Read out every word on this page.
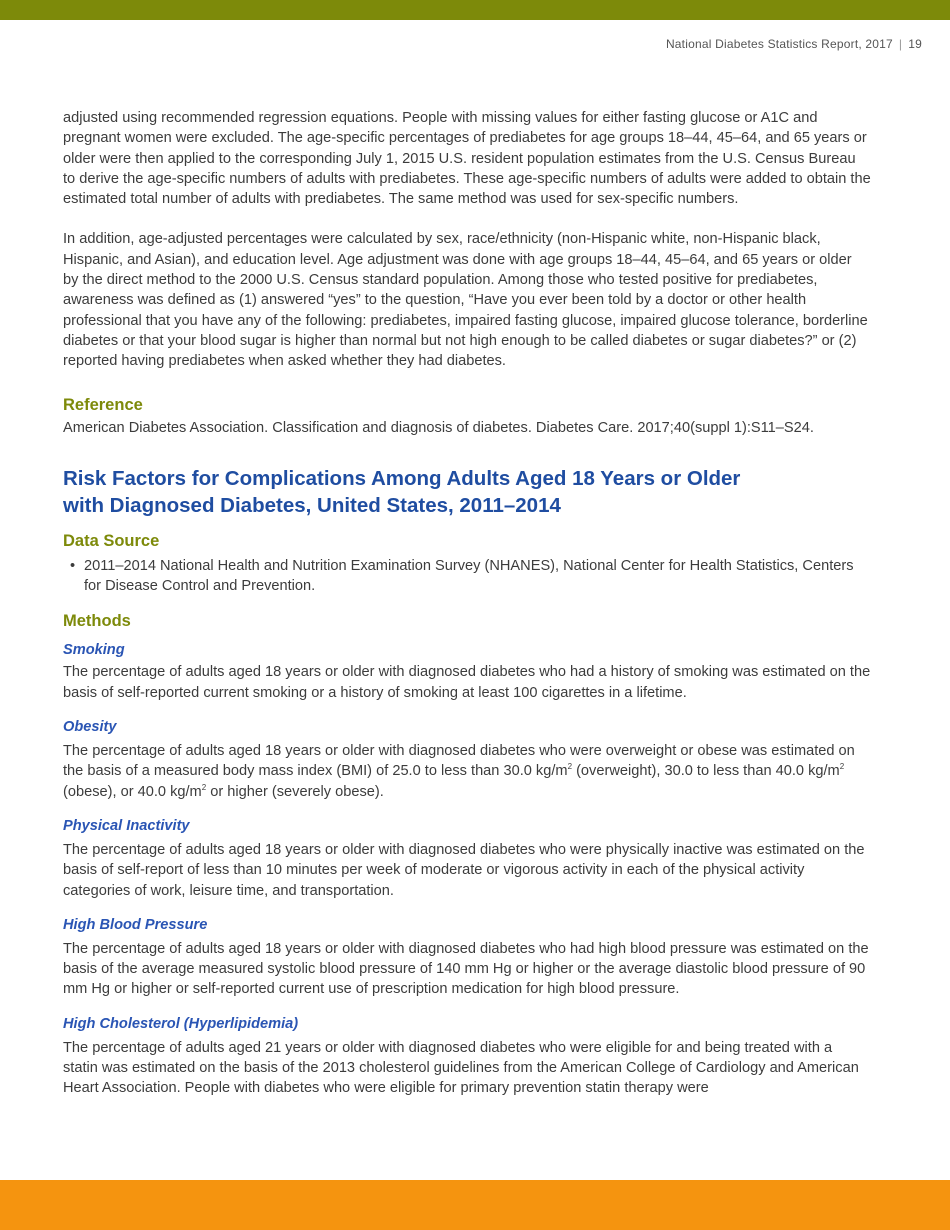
National Diabetes Statistics Report, 2017 | 19

adjusted using recommended regression equations. People with missing values for either fasting glucose or A1C and pregnant women were excluded. The age-specific percentages of prediabetes for age groups 18–44, 45–64, and 65 years or older were then applied to the corresponding July 1, 2015 U.S. resident population estimates from the U.S. Census Bureau to derive the age-specific numbers of adults with prediabetes. These age-specific numbers of adults were added to obtain the estimated total number of adults with prediabetes. The same method was used for sex-specific numbers.

In addition, age-adjusted percentages were calculated by sex, race/ethnicity (non-Hispanic white, non-Hispanic black, Hispanic, and Asian), and education level. Age adjustment was done with age groups 18–44, 45–64, and 65 years or older by the direct method to the 2000 U.S. Census standard population. Among those who tested positive for prediabetes, awareness was defined as (1) answered “yes” to the question, “Have you ever been told by a doctor or other health professional that you have any of the following: prediabetes, impaired fasting glucose, impaired glucose tolerance, borderline diabetes or that your blood sugar is higher than normal but not high enough to be called diabetes or sugar diabetes?” or (2) reported having prediabetes when asked whether they had diabetes.

Reference

American Diabetes Association. Classification and diagnosis of diabetes. Diabetes Care. 2017;40(suppl 1):S11–S24.

Risk Factors for Complications Among Adults Aged 18 Years or Older
with Diagnosed Diabetes, United States, 2011–2014
Data Source
• 2011–2014 National Health and Nutrition Examination Survey (NHANES), National Center for Health Statistics, Centers for Disease Control and Prevention.
Methods
Smoking

The percentage of adults aged 18 years or older with diagnosed diabetes who had a history of smoking was estimated on the basis of self-reported current smoking or a history of smoking at least 100 cigarettes in a lifetime.

Obesity

The percentage of adults aged 18 years or older with diagnosed diabetes who were overweight or obese was estimated on the basis of a measured body mass index (BMI) of 25.0 to less than 30.0 $kg/m^2$ (overweight), 30.0 to less than 40.0 $kg/m^2$ (obese), or 40.0 $kg/m^2$ or higher (severely obese).

Physical Inactivity

The percentage of adults aged 18 years or older with diagnosed diabetes who were physically inactive was estimated on the basis of self-report of less than 10 minutes per week of moderate or vigorous activity in each of the physical activity categories of work, leisure time, and transportation.

High Blood Pressure

The percentage of adults aged 18 years or older with diagnosed diabetes who had high blood pressure was estimated on the basis of the average measured systolic blood pressure of 140 mm Hg or higher or the average diastolic blood pressure of 90 mm Hg or higher or self-reported current use of prescription medication for high blood pressure.

High Cholesterol (Hyperlipidemia)

The percentage of adults aged 21 years or older with diagnosed diabetes who were eligible for and being treated with a statin was estimated on the basis of the 2013 cholesterol guidelines from the American College of Cardiology and American Heart Association. People with diabetes who were eligible for primary prevention statin therapy were
